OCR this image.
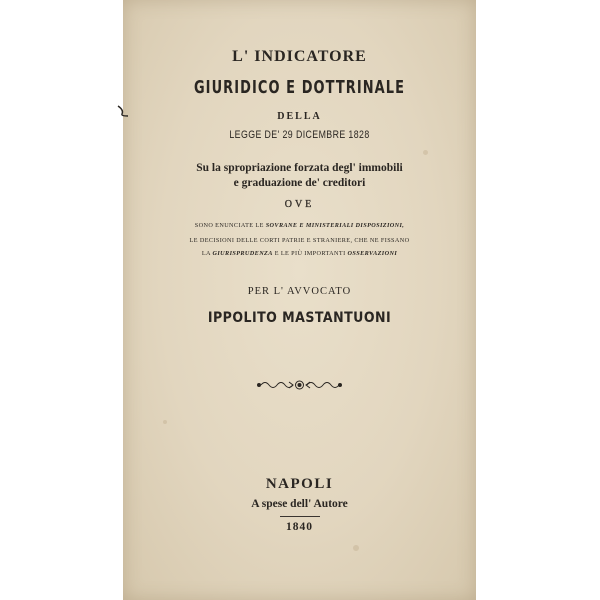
L' INDICATORE

GIURIDICO E DOTTRINALE

DELLA

LEGGE DE' 29 DICEMBRE 1828

Su la spropriazione forzata degl' immobili

e graduazione de' creditori

OVE

SONO ENUNCIATE LE SOVRANE E MINISTERIALI DISPOSIZIONI,

LE DECISIONI DELLE CORTI PATRIE E STRANIERE, CHE NE FISSANO

LA GIURISPRUDENZA E LE PIÙ IMPORTANTI OSSERVAZIONI

PER L' AVVOCATO

IPPOLITO MASTANTUONI

NAPOLI

A spese dell' Autore

1840
